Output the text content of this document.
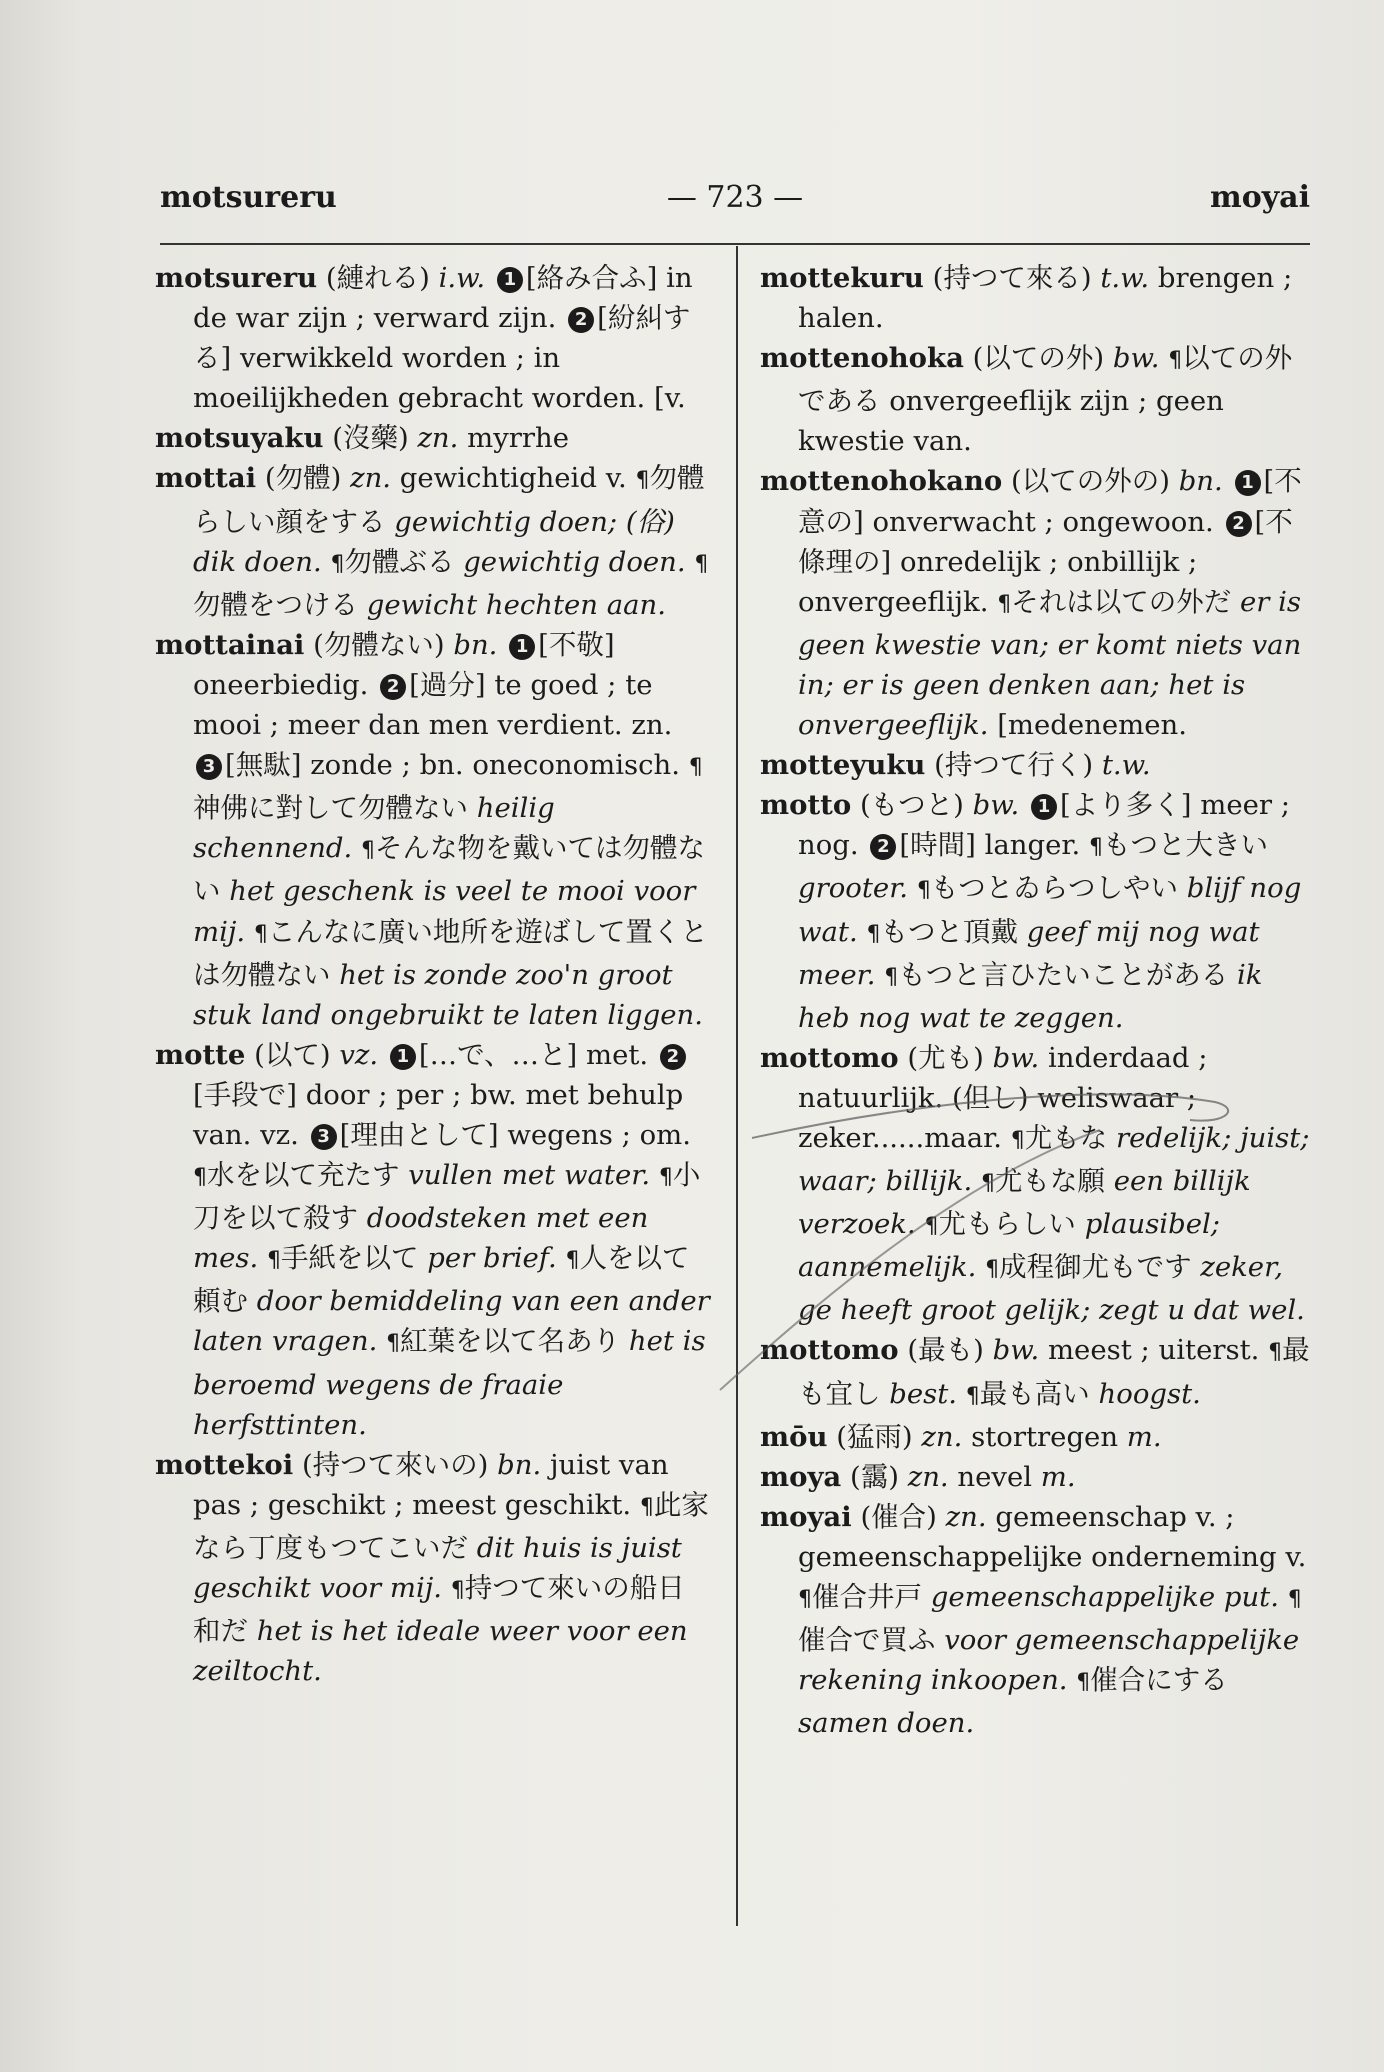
motsureru	— 723 —	moyai

motsureru (縺れる) i.w. 1 [絡み合ふ] in de war zijn ; verward zijn. 2 [紛糾する] verwikkeld worden ; in moeilijkheden gebracht worden. [v.

motsuyaku (沒藥) zn. myrrhe

mottai (勿體) zn. gewichtigheid v. ¶勿體らしい顔をする gewichtig doen; (俗) dik doen. ¶勿體ぶる gewichtig doen. ¶勿體をつける gewicht hechten aan.

mottainai (勿體ない) bn. 1 [不敬] oneerbiedig. 2 [過分] te goed ; te mooi ; meer dan men verdient. zn. 3 [無駄] zonde ; bn. oneconomisch. ¶神佛に對して勿體ない heilig schennend. ¶そんな物を戴いては勿體ない het geschenk is veel te mooi voor mij. ¶こんなに廣い地所を遊ばして置くとは勿體ない het is zonde zoo'n groot stuk land ongebruikt te laten liggen.

motte (以て) vz. 1 […で、…と] met. 2[手段で] door ; per ; bw. met behulp van. vz. 3 [理由として] wegens ; om. ¶水を以て充たす vullen met water. ¶小刀を以て殺す doodsteken met een mes. ¶手紙を以て per brief. ¶人を以て頼む door bemiddeling van een ander laten vragen. ¶紅葉を以て名あり het is beroemd wegens de fraaie herfsttinten.

mottekoi (持つて來いの) bn. juist van pas ; geschikt ; meest geschikt. ¶此家なら丁度もつてこいだ dit huis is juist geschikt voor mij. ¶持つて來いの船日和だ het is het ideale weer voor een zeiltocht.

mottekuru (持つて來る) t.w. brengen ; halen.

mottenohoka (以ての外) bw. ¶以ての外である onvergeeflijk zijn ; geen kwestie van.

mottenohokano (以ての外の) bn. 1 [不意の] onverwacht ; ongewoon. 2 [不條理の] onredelijk ; onbillijk ; onvergeeflijk. ¶それは以ての外だ er is geen kwestie van; er komt niets van in; er is geen denken aan; het is onvergeeflijk. [medenemen.

motteyuku (持つて行く) t.w.

motto (もつと) bw. 1 [より多く] meer ; nog. 2 [時間] langer. ¶もつと大きい grooter. ¶もつとゐらつしやい blijf nog wat. ¶もつと頂戴 geef mij nog wat meer. ¶もつと言ひたいことがある ik heb nog wat te zeggen.

mottomo (尤も) bw. inderdaad ; natuurlijk. (但し) weliswaar ; zeker......maar. ¶尤もな redelijk; juist; waar; billijk. ¶尤もな願 een billijk verzoek. ¶尤もらしい plausibel; aannemelijk. ¶成程御尤もです zeker, ge heeft groot gelijk; zegt u dat wel.

mottomo (最も) bw. meest ; uiterst. ¶最も宜し best. ¶最も高い hoogst.

mōu (猛雨) zn. stortregen m.

moya (靄) zn. nevel m.

moyai (催合) zn. gemeenschap v. ; gemeenschappelijke onderneming v. ¶催合井戸 gemeenschappelijke put. ¶催合で買ふ voor gemeenschappelijke rekening inkoopen. ¶催合にする samen doen.
